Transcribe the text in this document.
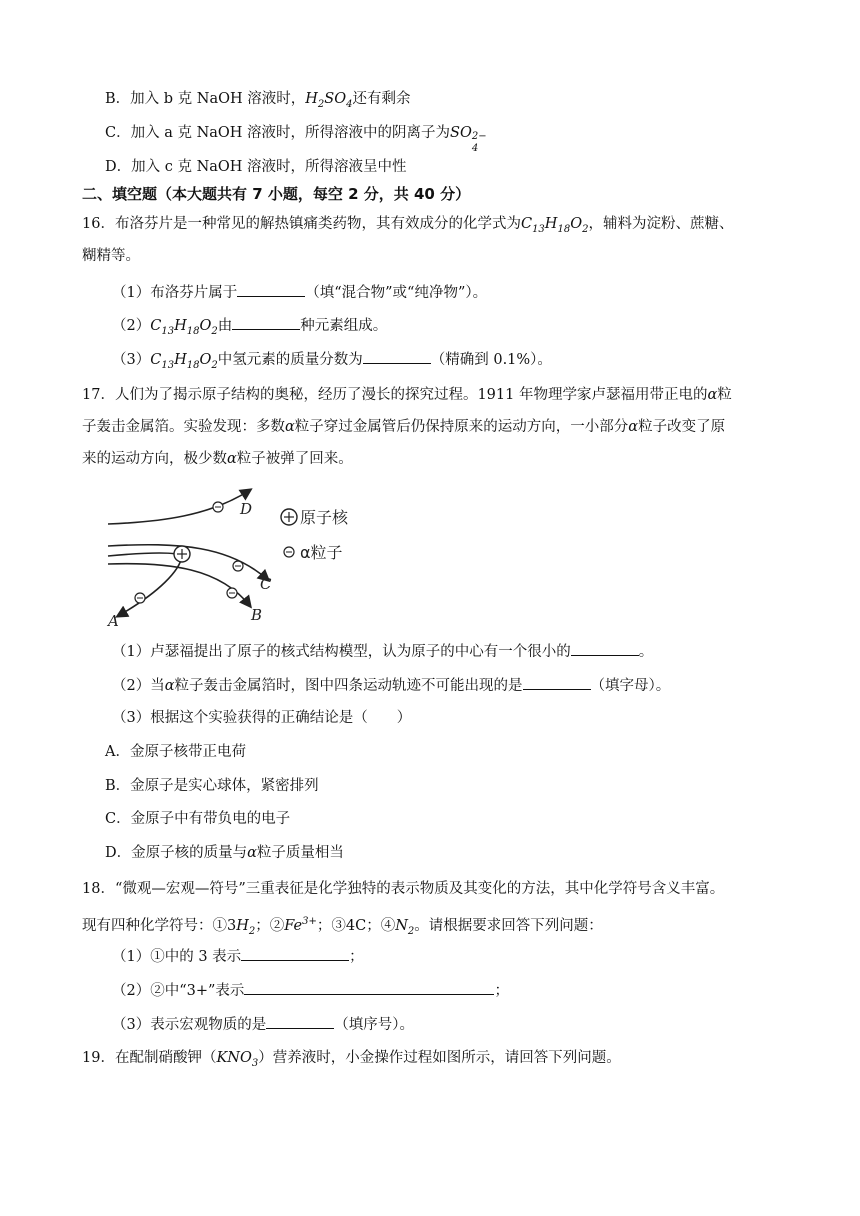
B．加入 b 克 NaOH 溶液时，$H_2SO_4$还有剩余
C．加入 a 克 NaOH 溶液时，所得溶液中的阴离子为SO 2−
4
D．加入 c 克 NaOH 溶液时，所得溶液呈中性
二、填空题（本大题共有 7 小题，每空 2 分，共 40 分）
16．布洛芬片是一种常见的解热镇痛类药物，其有效成分的化学式为$C_{13}H_{18}O_2$，辅料为淀粉、蔗糖、
糊精等。
（1）布洛芬片属于	（填“混合物”或“纯净物”）。
$(2)C_{13}H_{18}O_2$由	种元素组成。
$(3)C_{13}H_{18}O_2$中氢元素的质量分数为	（精确到 0.1%）。
17．人们为了揭示原子结构的奥秘，经历了漫长的探究过程。1911 年物理学家卢瑟福用带正电的α粒
子轰击金属箔。实验发现：多数α粒子穿过金属管后仍保持原来的运动方向，一小部分α粒子改变了原
来的运动方向，极少数α粒子被弹了回来。
D
C
B
A
原子核
α粒子
（1）卢瑟福提出了原子的核式结构模型，认为原子的中心有一个很小的	。
（2）当α粒子轰击金属箔时，图中四条运动轨迹不可能出现的是	（填字母）。
（3）根据这个实验获得的正确结论是（　　）
A．金原子核带正电荷
B．金原子是实心球体，紧密排列
C．金原子中有带负电的电子
D．金原子核的质量与α粒子质量相当
18．“微观—宏观—符号”三重表征是化学独特的表示物质及其变化的方法，其中化学符号含义丰富。
现有四种化学符号：$①3H_2$；$②Fe^{3+}$；③4C；$④N_2$。请根据要求回答下列问题：
（1）①中的 3 表示	；
（2）②中“3+”表示	；
（3）表示宏观物质的是	（填序号）。
19．在配制硝酸钾$(KNO_3)$营养液时，小金操作过程如图所示，请回答下列问题。
